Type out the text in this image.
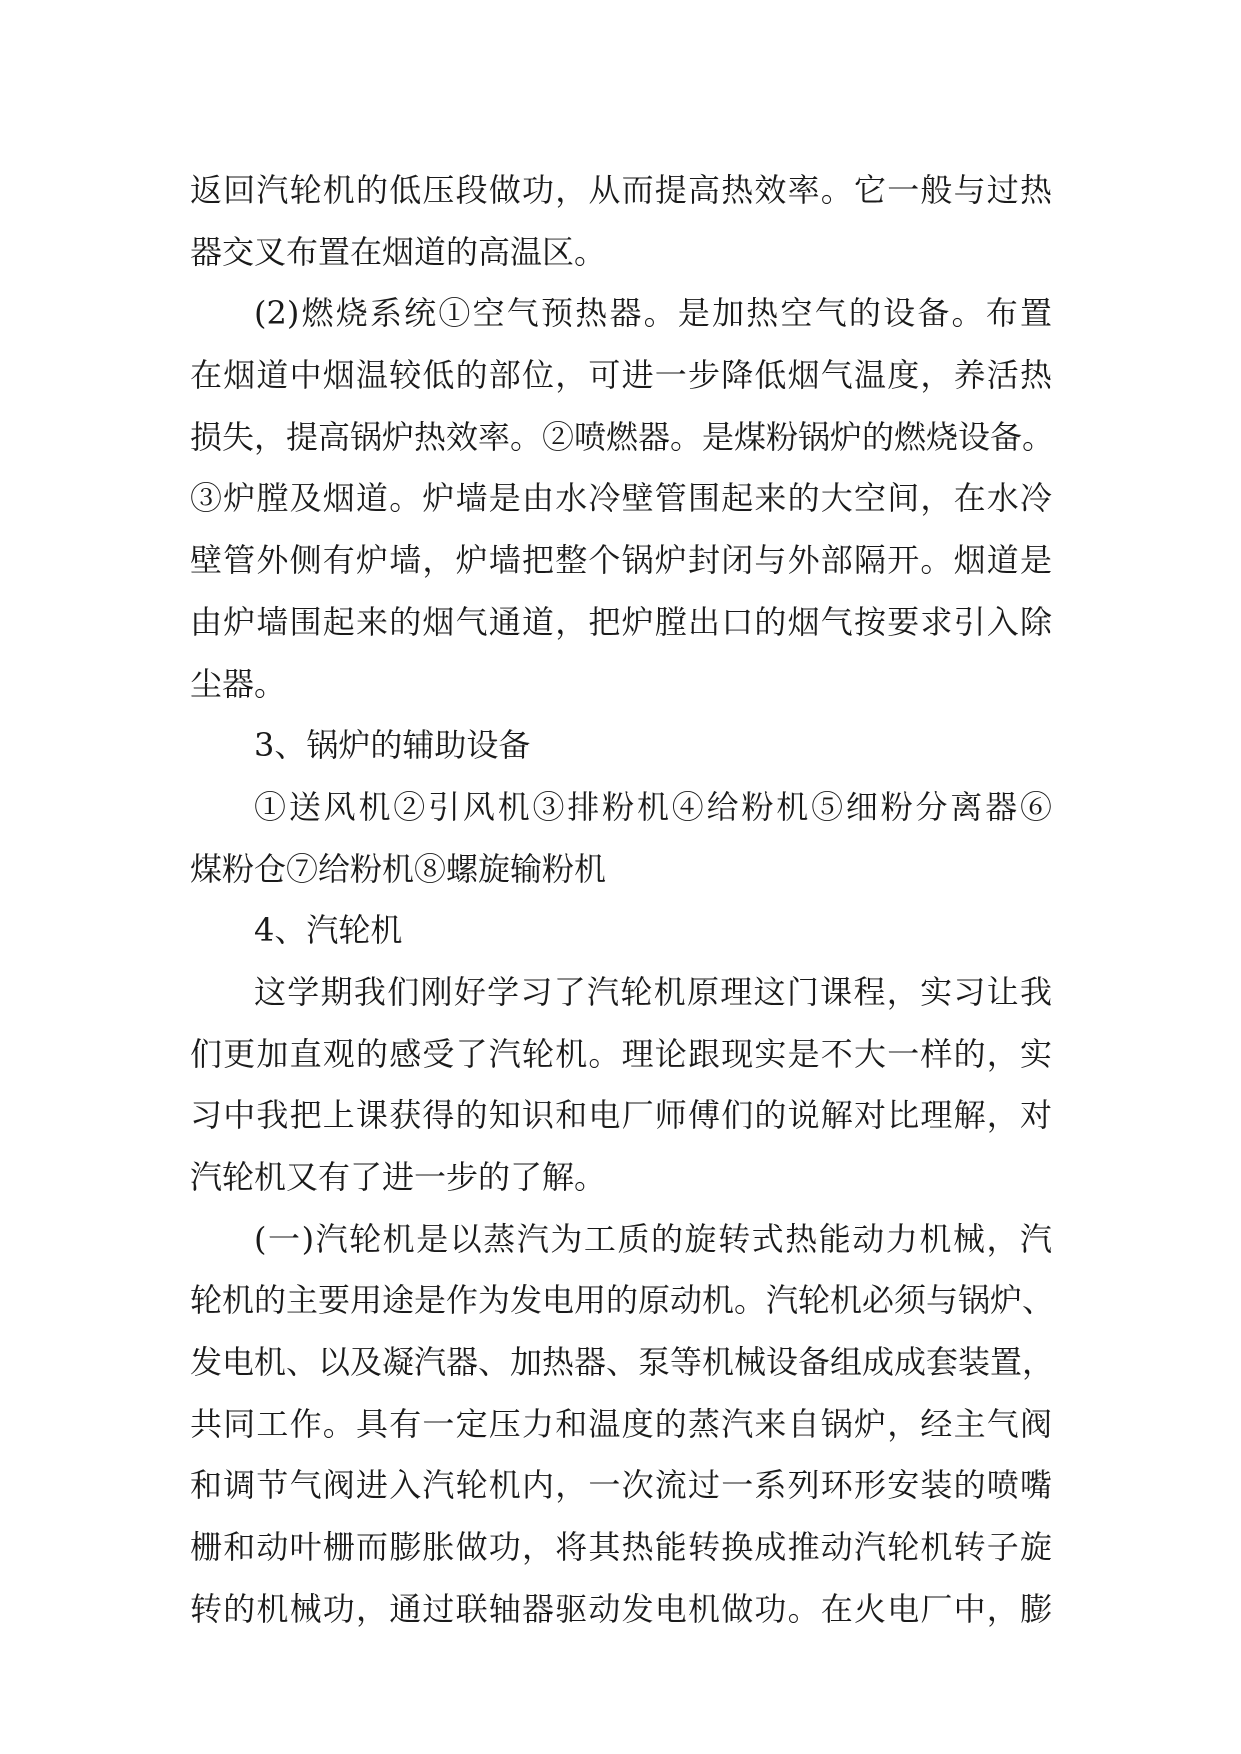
返回汽轮机的低压段做功，从而提高热效率。它一般与过热
器交叉布置在烟道的高温区。
(2)燃烧系统①空气预热器。是加热空气的设备。布置
在烟道中烟温较低的部位，可进一步降低烟气温度，养活热
损失，提高锅炉热效率。②喷燃器。是煤粉锅炉的燃烧设备。
③炉膛及烟道。炉墙是由水冷壁管围起来的大空间，在水冷
壁管外侧有炉墙，炉墙把整个锅炉封闭与外部隔开。烟道是
由炉墙围起来的烟气通道，把炉膛出口的烟气按要求引入除
尘器。
3、锅炉的辅助设备
①送风机②引风机③排粉机④给粉机⑤细粉分离器⑥
煤粉仓⑦给粉机⑧螺旋输粉机
4、汽轮机
这学期我们刚好学习了汽轮机原理这门课程，实习让我
们更加直观的感受了汽轮机。理论跟现实是不大一样的，实
习中我把上课获得的知识和电厂师傅们的说解对比理解，对
汽轮机又有了进一步的了解。
(一)汽轮机是以蒸汽为工质的旋转式热能动力机械，汽
轮机的主要用途是作为发电用的原动机。汽轮机必须与锅炉、
发电机、以及凝汽器、加热器、泵等机械设备组成成套装置，
共同工作。具有一定压力和温度的蒸汽来自锅炉，经主气阀
和调节气阀进入汽轮机内，一次流过一系列环形安装的喷嘴
栅和动叶栅而膨胀做功，将其热能转换成推动汽轮机转子旋
转的机械功，通过联轴器驱动发电机做功。在火电厂中，膨
